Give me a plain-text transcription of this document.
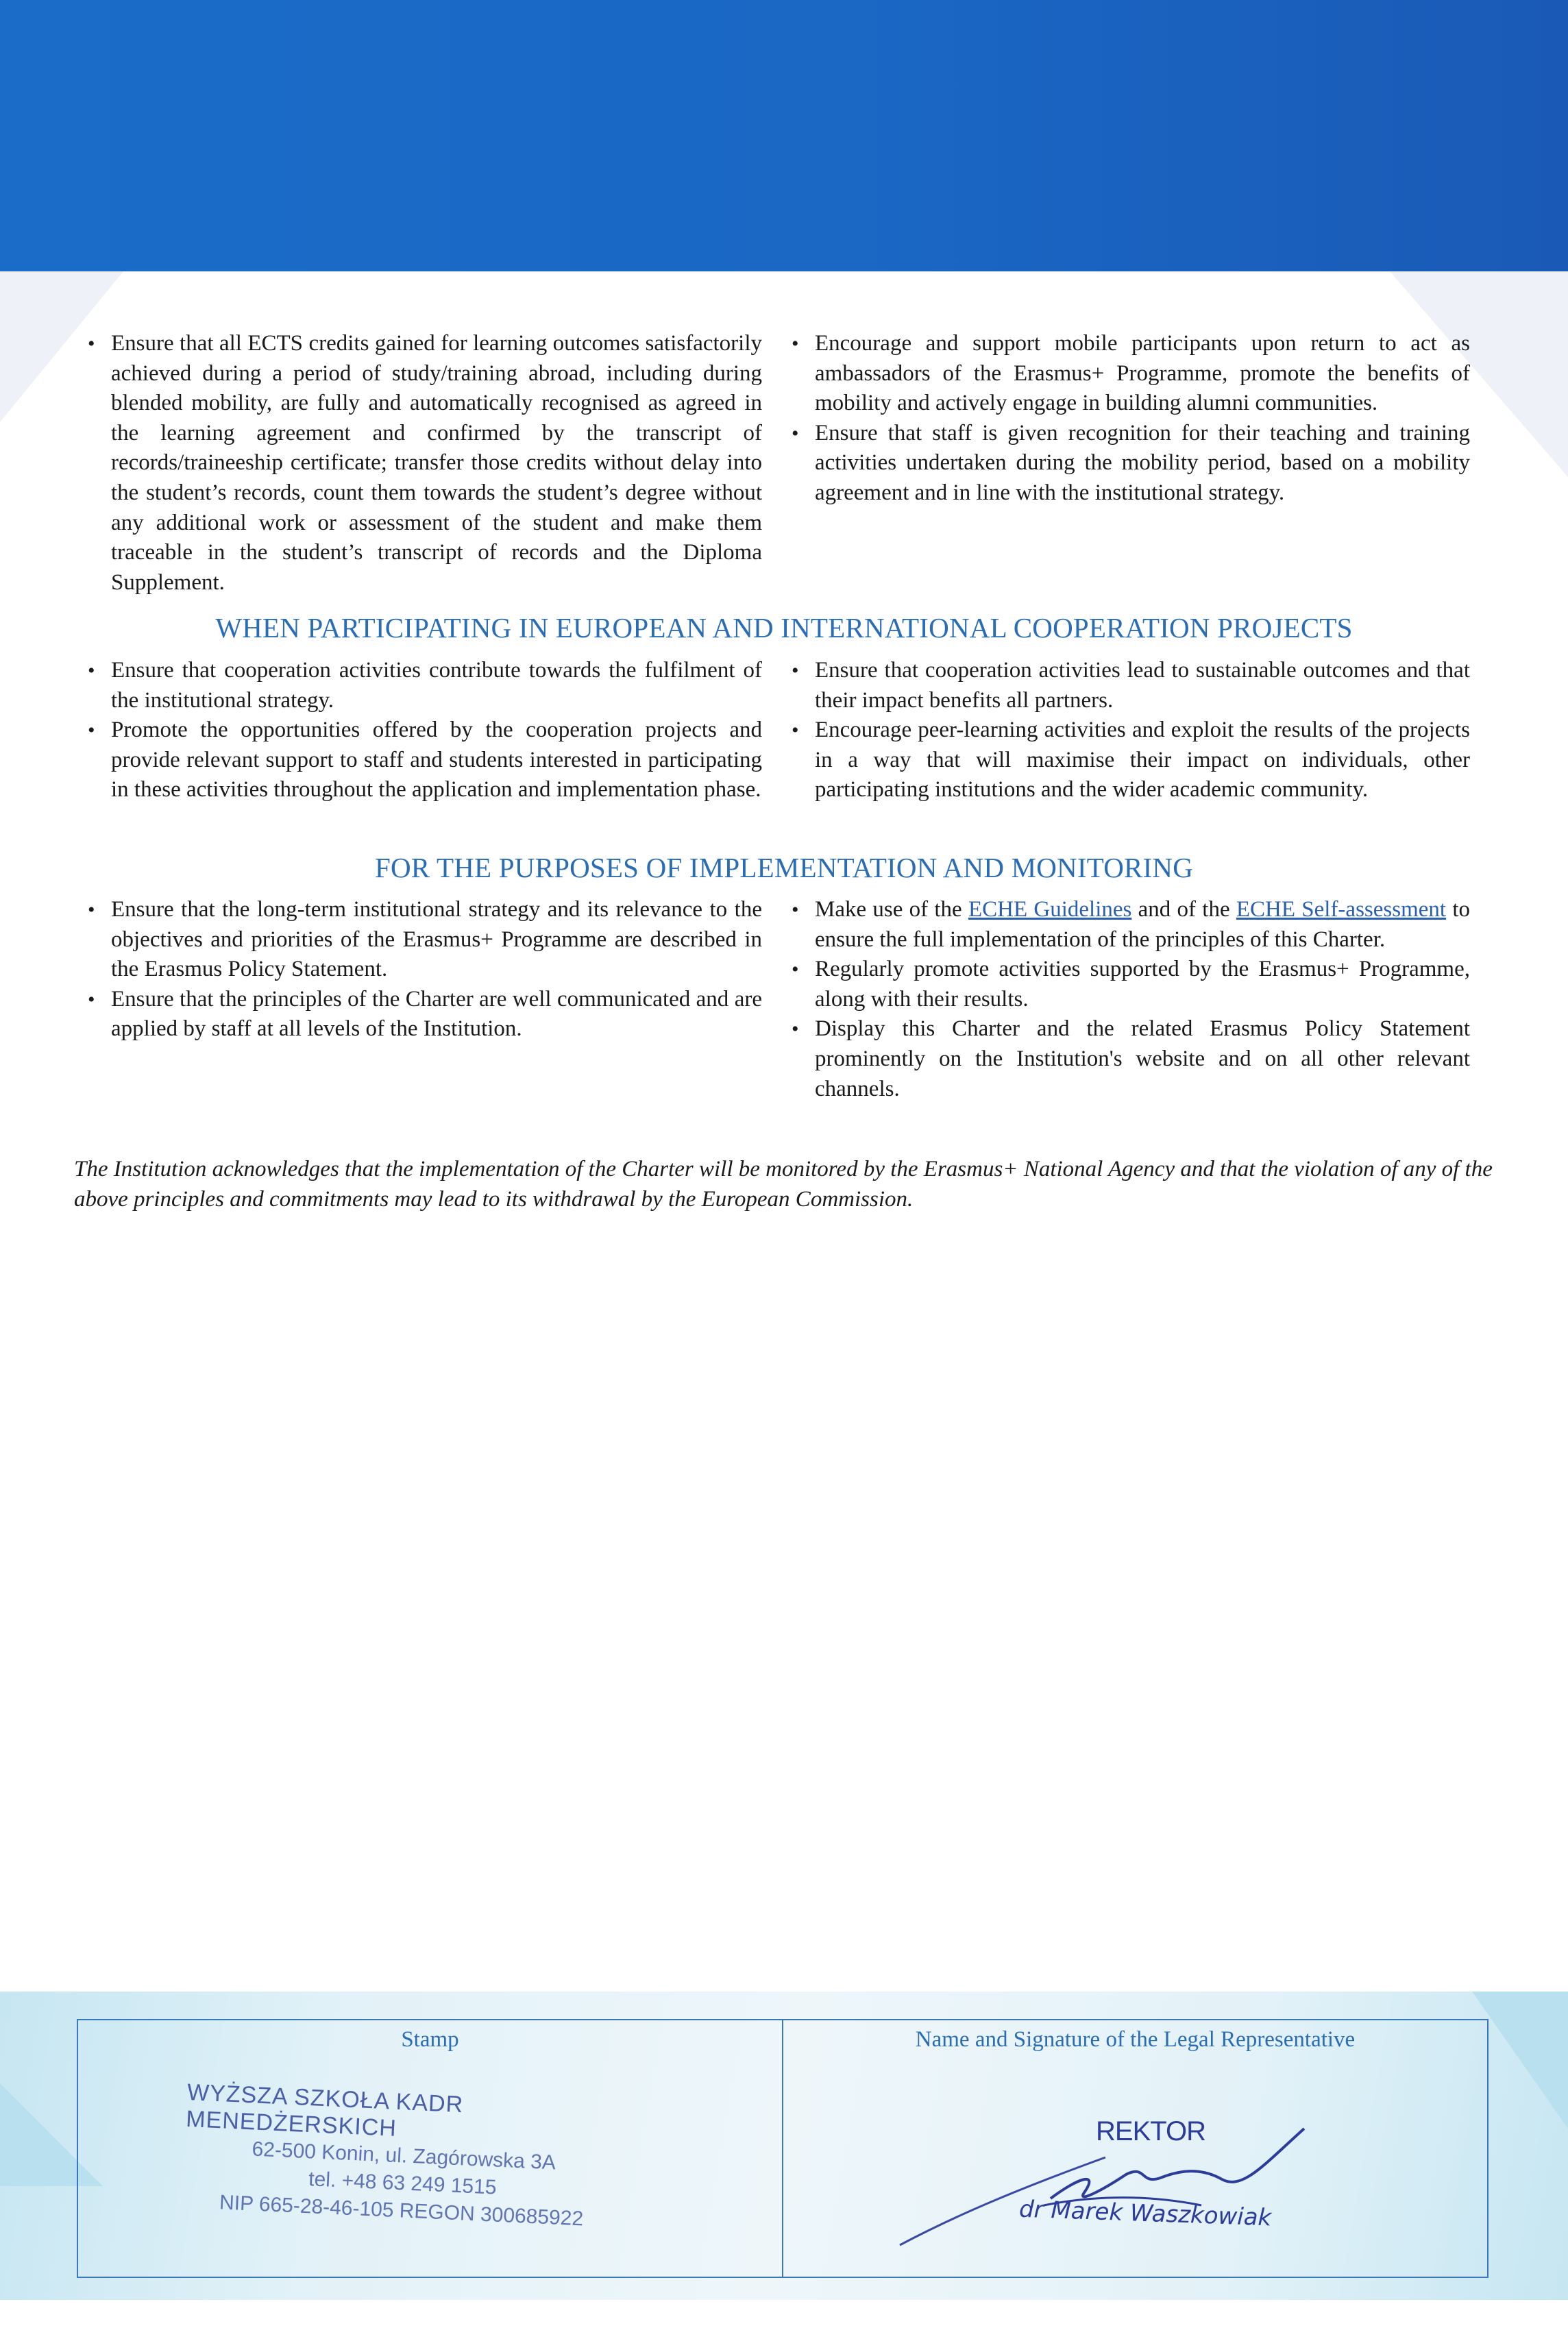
• Ensure that all ECTS credits gained for learning outcomes satisfactorily achieved during a period of study/training abroad, including during blended mobility, are fully and automatically recognised as agreed in the learning agreement and confirmed by the transcript of records/traineeship certificate; transfer those credits without delay into the student’s records, count them towards the student’s degree without any additional work or assessment of the student and make them traceable in the student’s transcript of records and the Diploma Supplement.
• Encourage and support mobile participants upon return to act as ambassadors of the Erasmus+ Programme, promote the benefits of mobility and actively engage in building alumni communities.
• Ensure that staff is given recognition for their teaching and training activities undertaken during the mobility period, based on a mobility agreement and in line with the institutional strategy.
WHEN PARTICIPATING IN EUROPEAN AND INTERNATIONAL COOPERATION PROJECTS
• Ensure that cooperation activities contribute towards the fulfilment of the institutional strategy.
• Promote the opportunities offered by the cooperation projects and provide relevant support to staff and students interested in participating in these activities throughout the application and implementation phase.
• Ensure that cooperation activities lead to sustainable outcomes and that their impact benefits all partners.
• Encourage peer-learning activities and exploit the results of the projects in a way that will maximise their impact on individuals, other participating institutions and the wider academic community.
FOR THE PURPOSES OF IMPLEMENTATION AND MONITORING
• Ensure that the long-term institutional strategy and its relevance to the objectives and priorities of the Erasmus+ Programme are described in the Erasmus Policy Statement.
• Ensure that the principles of the Charter are well communicated and are applied by staff at all levels of the Institution.
• Make use of the ECHE Guidelines and of the ECHE Self-assessment to ensure the full implementation of the principles of this Charter.
• Regularly promote activities supported by the Erasmus+ Programme, along with their results.
• Display this Charter and the related Erasmus Policy Statement prominently on the Institution's website and on all other relevant channels.
The Institution acknowledges that the implementation of the Charter will be monitored by the Erasmus+ National Agency and that the violation of any of the above principles and commitments may lead to its withdrawal by the European Commission.
Stamp
WYŻSZA SZKOŁA KADR MENEDŻERSKICH
62-500 Konin, ul. Zagórowska 3A
tel. +48 63 249 1515
NIP 665-28-46-105 REGON 300685922
Name and Signature of the Legal Representative
REKTOR
dr Marek Waszkowiak
